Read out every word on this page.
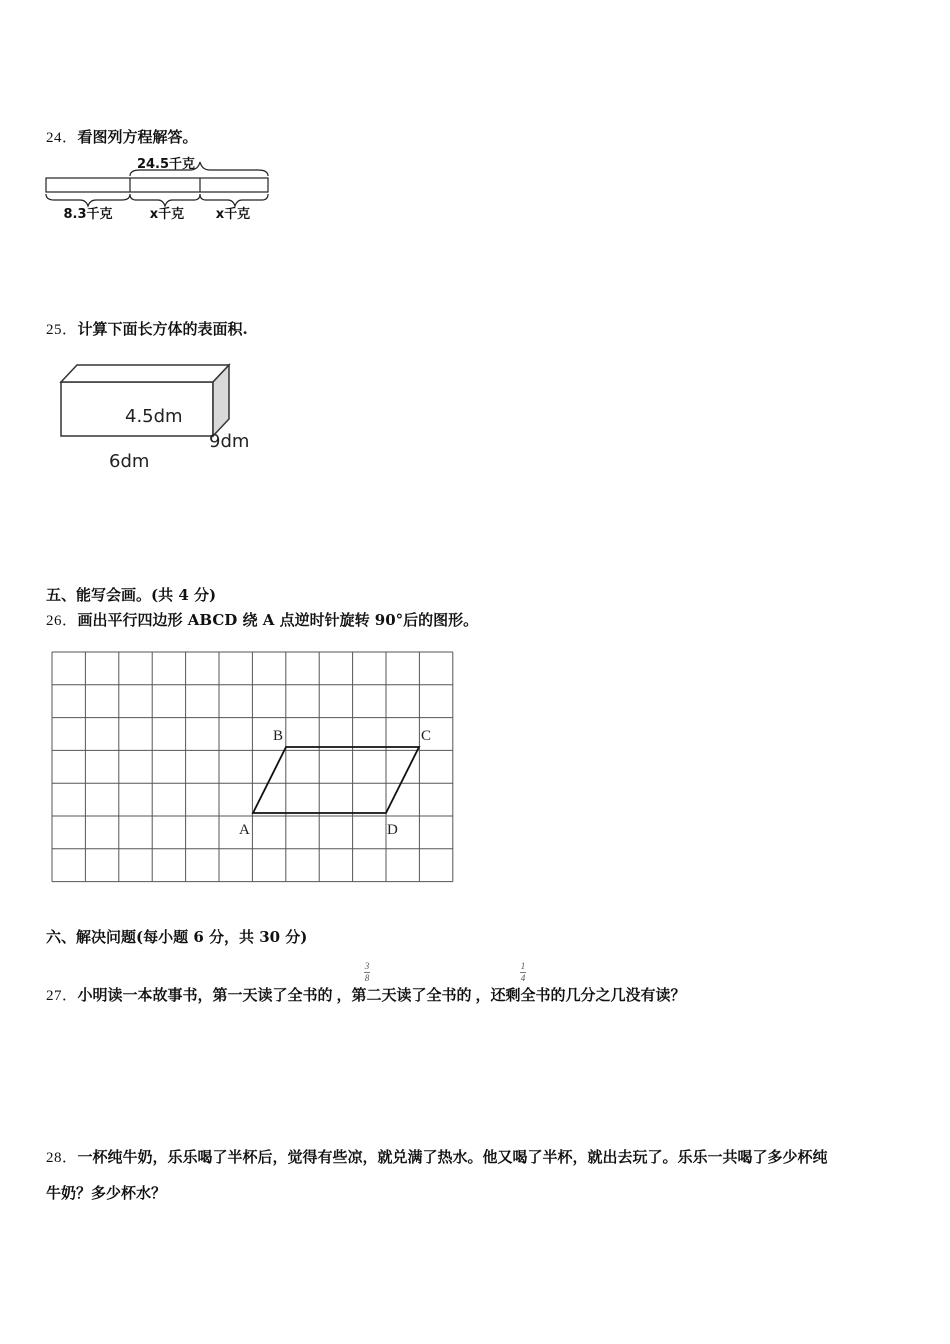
24．看图列方程解答。
24.5千克
8.3千克	x千克 x千克
25．计算下面长方体的表面积.
4.5dm
9dm
6dm
五、能写会画。(共 4 分)
26．画出平行四边形 ABCD 绕 A 点逆时针旋转 90°后的图形。
B	C
A	D
六、解决问题(每小题 6 分，共 30 分)
3
8
1
4
27．小明读一本故事书，第一天读了全书的 ，第二天读了全书的 ，还剩全书的几分之几没有读？
28．一杯纯牛奶，乐乐喝了半杯后，觉得有些凉，就兑满了热水。他又喝了半杯，就出去玩了。乐乐一共喝了多少杯纯
牛奶？多少杯水？
